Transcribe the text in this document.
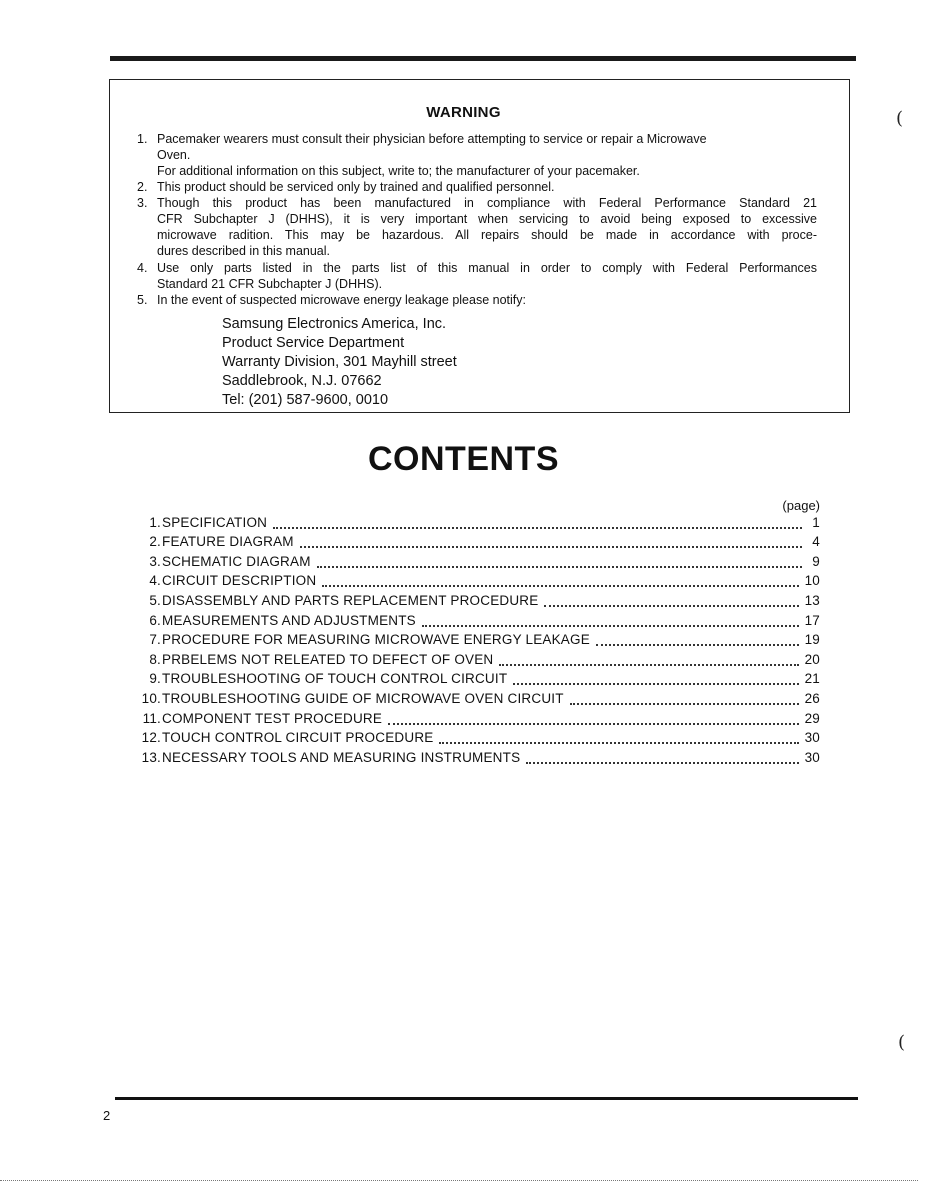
WARNING
1. Pacemaker wearers must consult their physician before attempting to service or repair a Microwave
Oven.
For additional information on this subject, write to; the manufacturer of your pacemaker.
2. This product should be serviced only by trained and qualified personnel.
3. Though this product has been manufactured in compliance with Federal Performance Standard 21
CFR Subchapter J (DHHS), it is very important when servicing to avoid being exposed to excessive
microwave radition. This may be hazardous. All repairs should be made in accordance with proce-
dures described in this manual.
4. Use only parts listed in the parts list of this manual in order to comply with Federal Performances
Standard 21 CFR Subchapter J (DHHS).
5. In the event of suspected microwave energy leakage please notify:
Samsung Electronics America, Inc.
Product Service Department
Warranty Division, 301 Mayhill street
Saddlebrook, N.J. 07662
Tel: (201) 587-9600, 0010
CONTENTS
(page)
1. SPECIFICATION	1
2. FEATURE DIAGRAM	4
3. SCHEMATIC DIAGRAM	9
4. CIRCUIT DESCRIPTION	10
5. DISASSEMBLY AND PARTS REPLACEMENT PROCEDURE	13
6. MEASUREMENTS AND ADJUSTMENTS	17
7. PROCEDURE FOR MEASURING MICROWAVE ENERGY LEAKAGE	19
8. PRBELEMS NOT RELEATED TO DEFECT OF OVEN	20
9. TROUBLESHOOTING OF TOUCH CONTROL CIRCUIT	21
10. TROUBLESHOOTING GUIDE OF MICROWAVE OVEN CIRCUIT	26
11. COMPONENT TEST PROCEDURE	29
12. TOUCH CONTROL CIRCUIT PROCEDURE	30
13. NECESSARY TOOLS AND MEASURING INSTRUMENTS	30
(
(
2
